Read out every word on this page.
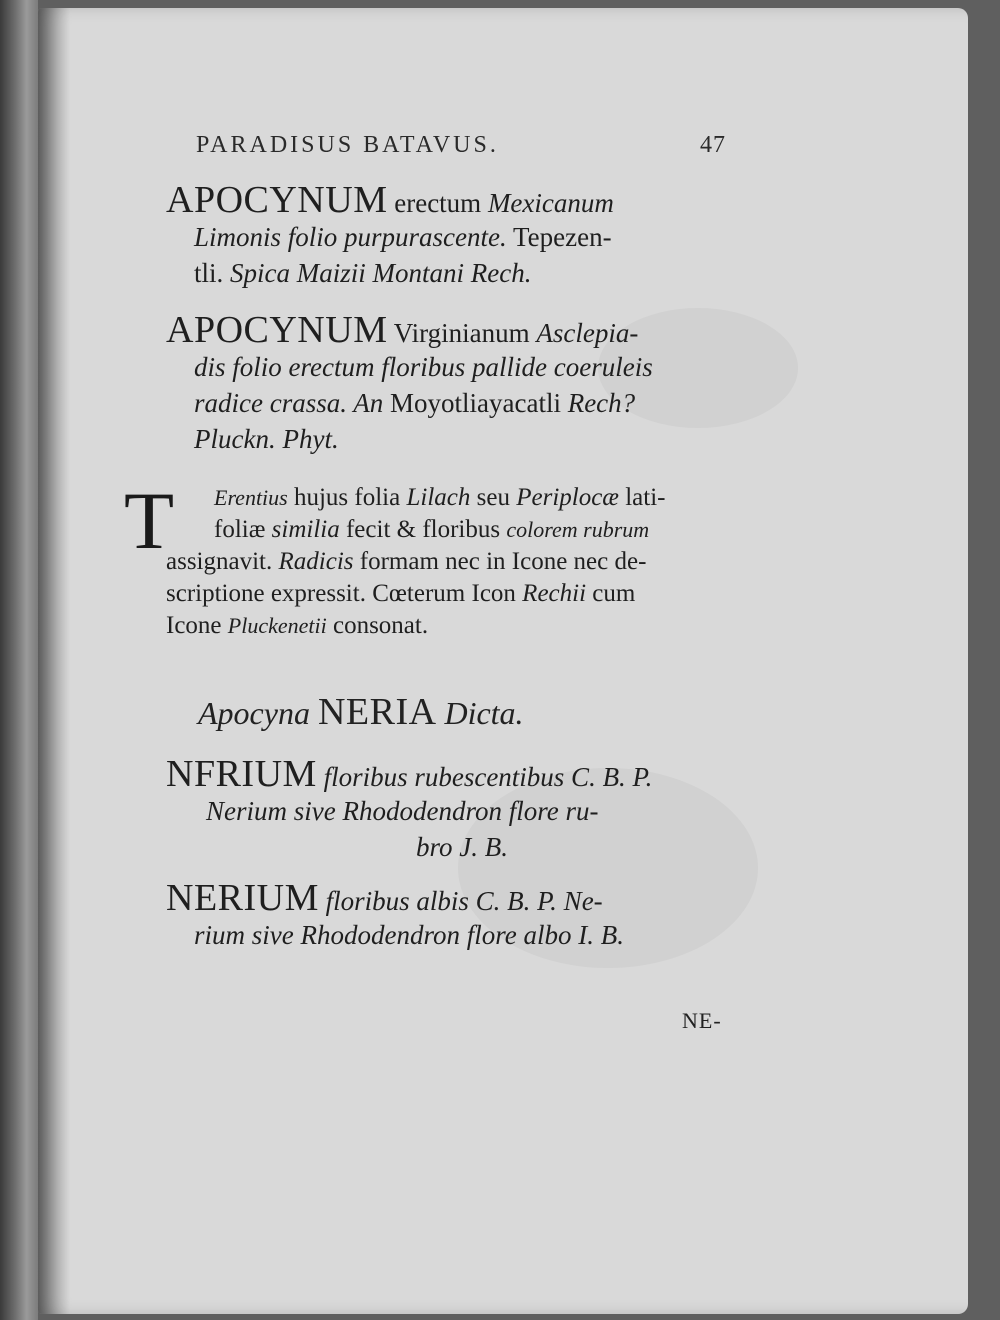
PARADISUS BATAVUS.	47
APOCYNUM erectum Mexicanum
Limonis folio purpurascente. Tepezen-
tli. Spica Maizii Montani Rech.
APOCYNUM Virginianum Asclepia-
dis folio erectum floribus pallide coeruleis
radice crassa. An Moyotliayacatli Rech?
Pluckn. Phyt.
T Erentius hujus folia Lilach seu Periplocæ lati-
foliæ similia fecit & floribus colorem rubrum
assignavit. Radicis formam nec in Icone nec de-
scriptione expressit. Cœterum Icon Rechii cum
Icone Pluckenetii consonat.
Apocyna NERIA Dicta.
NFRIUM floribus rubescentibus C. B. P.
Nerium sive Rhododendron flore ru-
bro J. B.
NERIUM floribus albis C. B. P. Ne-
rium sive Rhododendron flore albo I. B.
NE-
